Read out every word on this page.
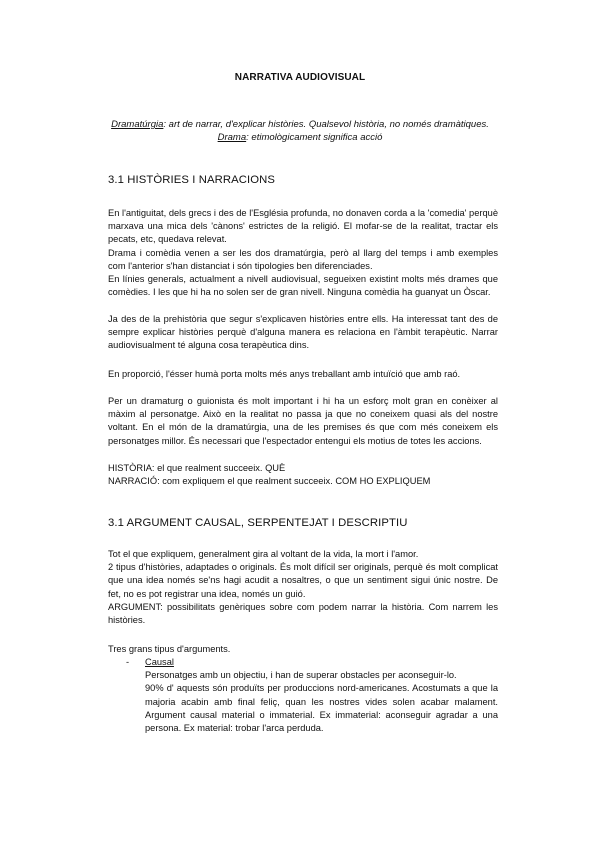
NARRATIVA AUDIOVISUAL
Dramatúrgia: art de narrar, d'explicar històries. Qualsevol història, no només dramàtiques.
Drama: etimològicament significa acció
3.1 HISTÒRIES I NARRACIONS

En l'antiguitat, dels grecs i des de l'Església profunda, no donaven corda a la 'comedia' perquè marxava una mica dels 'cànons' estrictes de la religió. El mofar-se de la realitat, tractar els pecats, etc, quedava relevat.

Drama i comèdia venen a ser les dos dramatúrgia, però al llarg del temps i amb exemples com l'anterior s'han distanciat i són tipologies ben diferenciades.

En línies generals, actualment a nivell audiovisual, segueixen existint molts més drames que comèdies. I les que hi ha no solen ser de gran nivell. Ninguna comèdia ha guanyat un Òscar.

Ja des de la prehistòria que segur s'explicaven històries entre ells. Ha interessat tant des de sempre explicar històries perquè d'alguna manera es relaciona en l'àmbit terapèutic. Narrar audiovisualment té alguna cosa terapèutica dins.

En proporció, l'ésser humà porta molts més anys treballant amb intuïció que amb raó.

Per un dramaturg o guionista és molt important i hi ha un esforç molt gran en conèixer al màxim al personatge. Això en la realitat no passa ja que no coneixem quasi als del nostre voltant. En el món de la dramatúrgia, una de les premises és que com més coneixem els personatges millor. És necessari que l'espectador entengui els motius de totes les accions.

HISTÒRIA: el que realment succeeix. QUÈ

NARRACIÓ: com expliquem el que realment succeeix. COM HO EXPLIQUEM

3.1 ARGUMENT CAUSAL, SERPENTEJAT I DESCRIPTIU

Tot el que expliquem, generalment gira al voltant de la vida, la mort i l'amor.

2 tipus d'històries, adaptades o originals. És molt difícil ser originals, perquè és molt complicat que una idea només se'ns hagi acudit a nosaltres, o que un sentiment sigui únic nostre. De fet, no es pot registrar una idea, només un guió.

ARGUMENT: possibilitats genèriques sobre com podem narrar la història. Com narrem les històries.

Tres grans tipus d'arguments.

-	Causal

Personatges amb un objectiu, i han de superar obstacles per aconseguir-lo.

90% d' aquests són produïts per produccions nord-americanes. Acostumats a que la majoria acabin amb final feliç, quan les nostres vides solen acabar malament. Argument causal material o immaterial. Ex immaterial: aconseguir agradar a una persona. Ex material: trobar l'arca perduda.
